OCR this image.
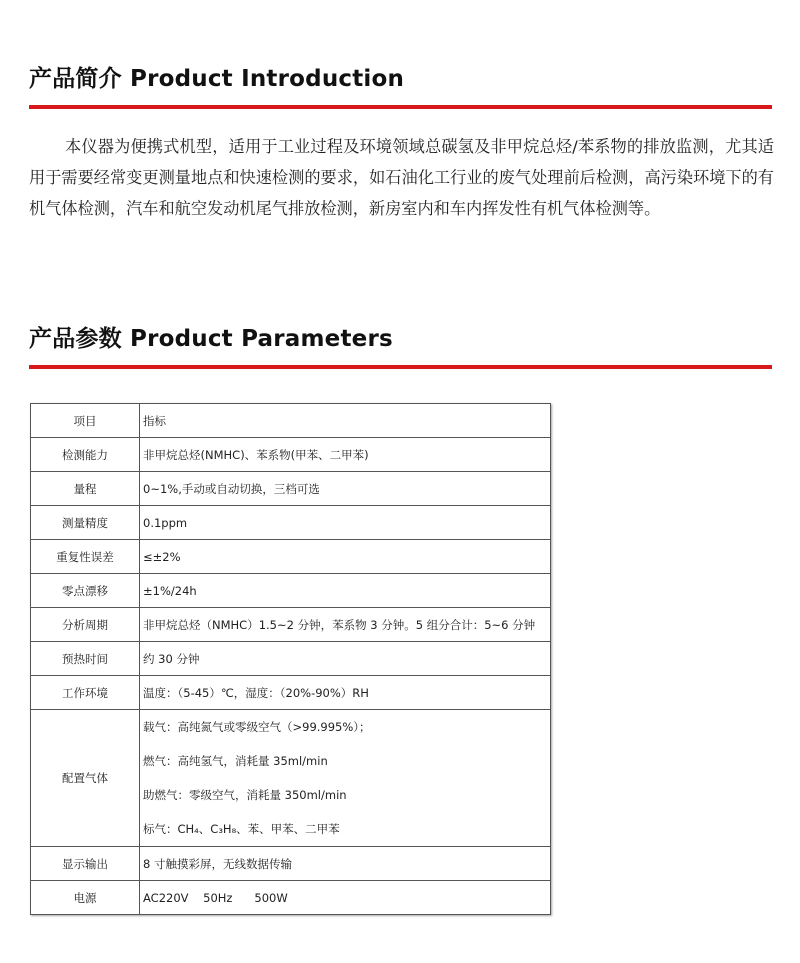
产品简介 Product Introduction

本仪器为便携式机型，适用于工业过程及环境领域总碳氢及非甲烷总烃/苯系物的排放监测，尤其适用于需要经常变更测量地点和快速检测的要求，如石油化工行业的废气处理前后检测，高污染环境下的有机气体检测，汽车和航空发动机尾气排放检测，新房室内和车内挥发性有机气体检测等。

产品参数 Product Parameters
项目	指标
检测能力	非甲烷总烃(NMHC)、苯系物(甲苯、二甲苯)
量程	0~1%,手动或自动切换，三档可选
测量精度	0.1ppm
重复性误差	≤±2%
零点漂移	±1%/24h
分析周期	非甲烷总烃（NMHC）1.5~2 分钟，苯系物 3 分钟。5 组分合计：5~6 分钟
预热时间	约 30 分钟
工作环境	温度：（5-45）℃，湿度：（20%-90%）RH
配置气体	载气：高纯氮气或零级空气（>99.995%）；
燃气：高纯氢气，消耗量 35ml/min
助燃气：零级空气，消耗量 350ml/min
标气：CH₄、C₃H₈、苯、甲苯、二甲苯

显示输出	8 寸触摸彩屏，无线数据传输
电源	AC220V    50Hz      500W
